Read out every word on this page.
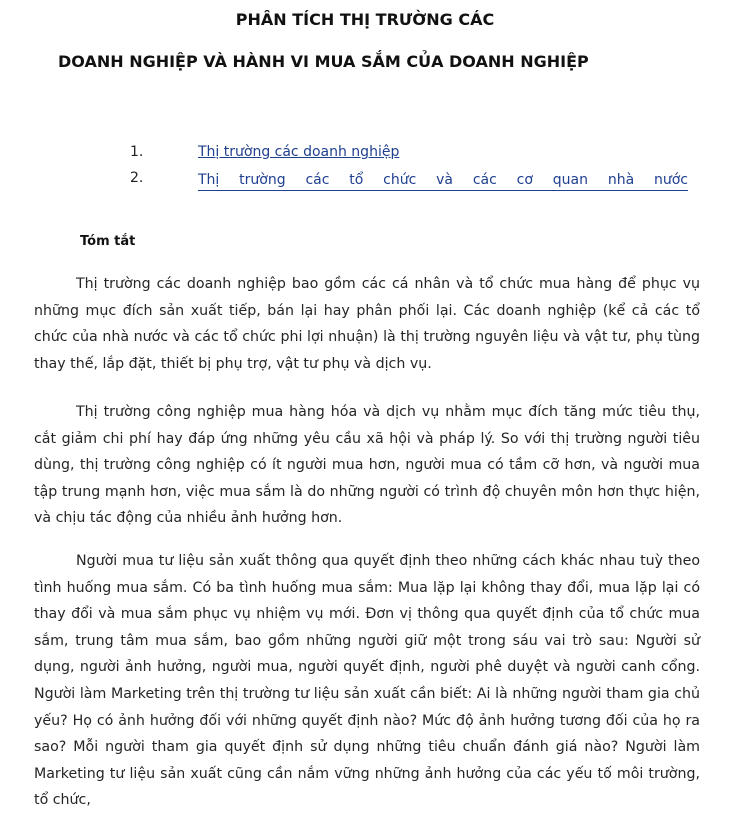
PHÂN TÍCH THỊ TRƯỜNG CÁC
DOANH NGHIỆP VÀ HÀNH VI MUA SẮM CỦA DOANH NGHIỆP
1.	Thị trường các doanh nghiệp
2.	Thị trường các tổ chức và các cơ quan nhà nước
Tóm tắt

Thị trường các doanh nghiệp bao gồm các cá nhân và tổ chức mua hàng để phục vụ những mục đích sản xuất tiếp, bán lại hay phân phối lại. Các doanh nghiệp (kể cả các tổ chức của nhà nước và các tổ chức phi lợi nhuận) là thị trường nguyên liệu và vật tư, phụ tùng thay thế, lắp đặt, thiết bị phụ trợ, vật tư phụ và dịch vụ.

Thị trường công nghiệp mua hàng hóa và dịch vụ nhằm mục đích tăng mức tiêu thụ, cắt giảm chi phí hay đáp ứng những yêu cầu xã hội và pháp lý. So với thị trường người tiêu dùng, thị trường công nghiệp có ít người mua hơn, người mua có tầm cỡ hơn, và người mua tập trung mạnh hơn, việc mua sắm là do những người có trình độ chuyên môn hơn thực hiện, và chịu tác động của nhiều ảnh hưởng hơn.

Người mua tư liệu sản xuất thông qua quyết định theo những cách khác nhau tuỳ theo tình huống mua sắm. Có ba tình huống mua sắm: Mua lặp lại không thay đổi, mua lặp lại có thay đổi và mua sắm phục vụ nhiệm vụ mới. Đơn vị thông qua quyết định của tổ chức mua sắm, trung tâm mua sắm, bao gồm những người giữ một trong sáu vai trò sau: Người sử dụng, người ảnh hưởng, người mua, người quyết định, người phê duyệt và người canh cổng. Người làm Marketing trên thị trường tư liệu sản xuất cần biết: Ai là những người tham gia chủ yếu? Họ có ảnh hưởng đối với những quyết định nào? Mức độ ảnh hưởng tương đối của họ ra sao? Mỗi người tham gia quyết định sử dụng những tiêu chuẩn đánh giá nào? Người làm Marketing tư liệu sản xuất cũng cần nắm vững những ảnh hưởng của các yếu tố môi trường, tổ chức,
